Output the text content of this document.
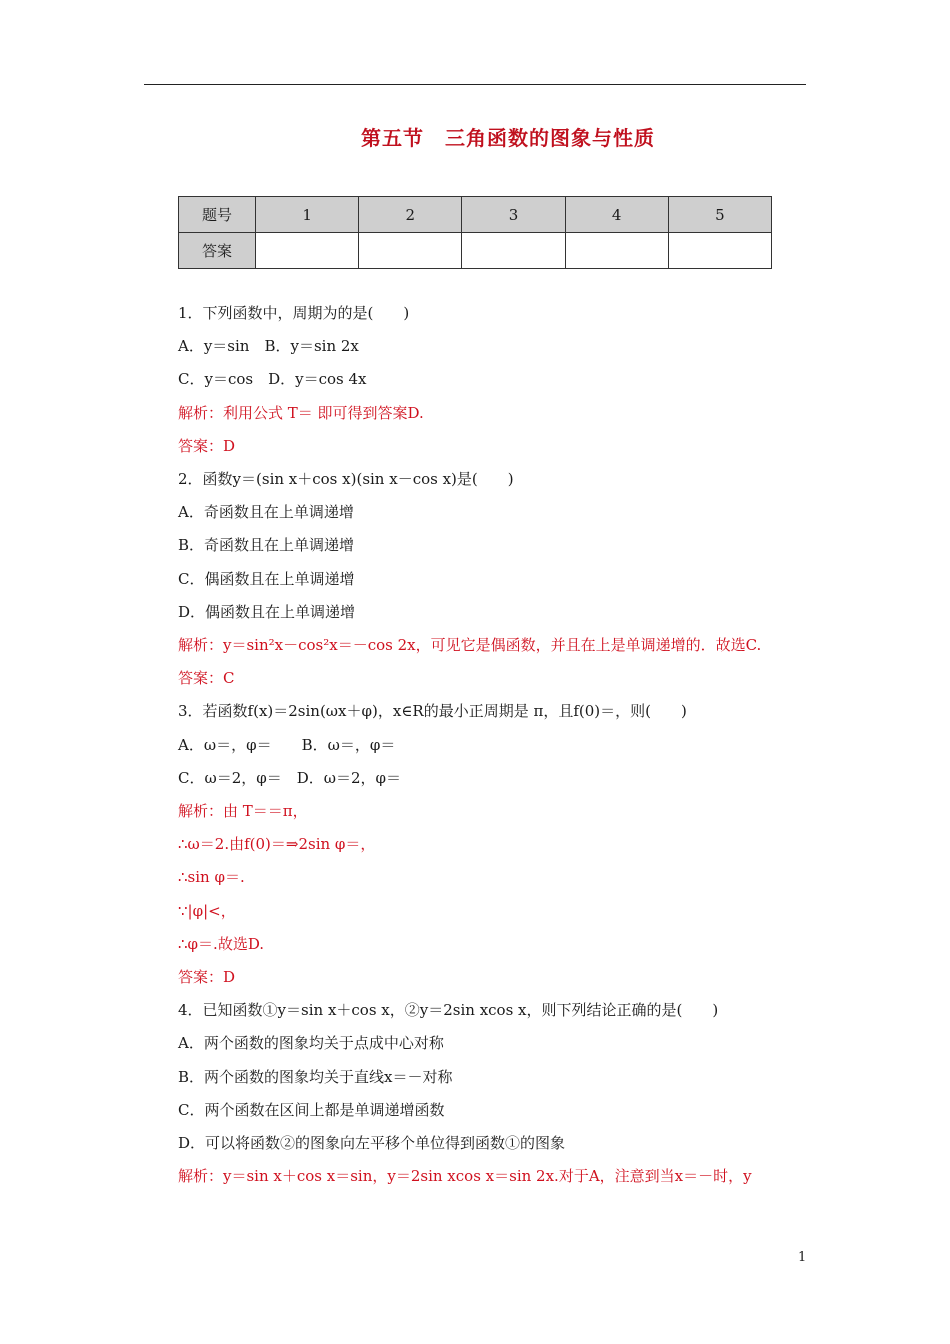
第五节　三角函数的图象与性质
题号	1	2	3	4	5
答案					
1．下列函数中，周期为的是(　　)
A．y＝sin　B．y＝sin 2x
C．y＝cos　D．y＝cos 4x
解析：利用公式 T＝ 即可得到答案D.
答案：D
2．函数y＝(sin x＋cos x)(sin x－cos x)是(　　)
A．奇函数且在上单调递增
B．奇函数且在上单调递增
C．偶函数且在上单调递增
D．偶函数且在上单调递增
解析：y＝sin²x－cos²x＝－cos 2x，可见它是偶函数，并且在上是单调递增的．故选C.
答案：C
3．若函数f(x)＝2sin(ωx＋φ)，x∈R的最小正周期是 π，且f(0)＝，则(　　)
A．ω＝，φ＝　　B．ω＝，φ＝
C．ω＝2，φ＝　D．ω＝2，φ＝
解析：由 T＝＝π，
∴ω＝2.由f(0)＝⇒2sin φ＝，
∴sin φ＝.
∵|φ|<，
∴φ＝.故选D.
答案：D
4．已知函数①y＝sin x＋cos x，②y＝2sin xcos x，则下列结论正确的是(　　)
A．两个函数的图象均关于点成中心对称
B．两个函数的图象均关于直线x＝－对称
C．两个函数在区间上都是单调递增函数
D．可以将函数②的图象向左平移个单位得到函数①的图象
解析：y＝sin x＋cos x＝sin，y＝2sin xcos x＝sin 2x.对于A，注意到当x＝－时，y
1
